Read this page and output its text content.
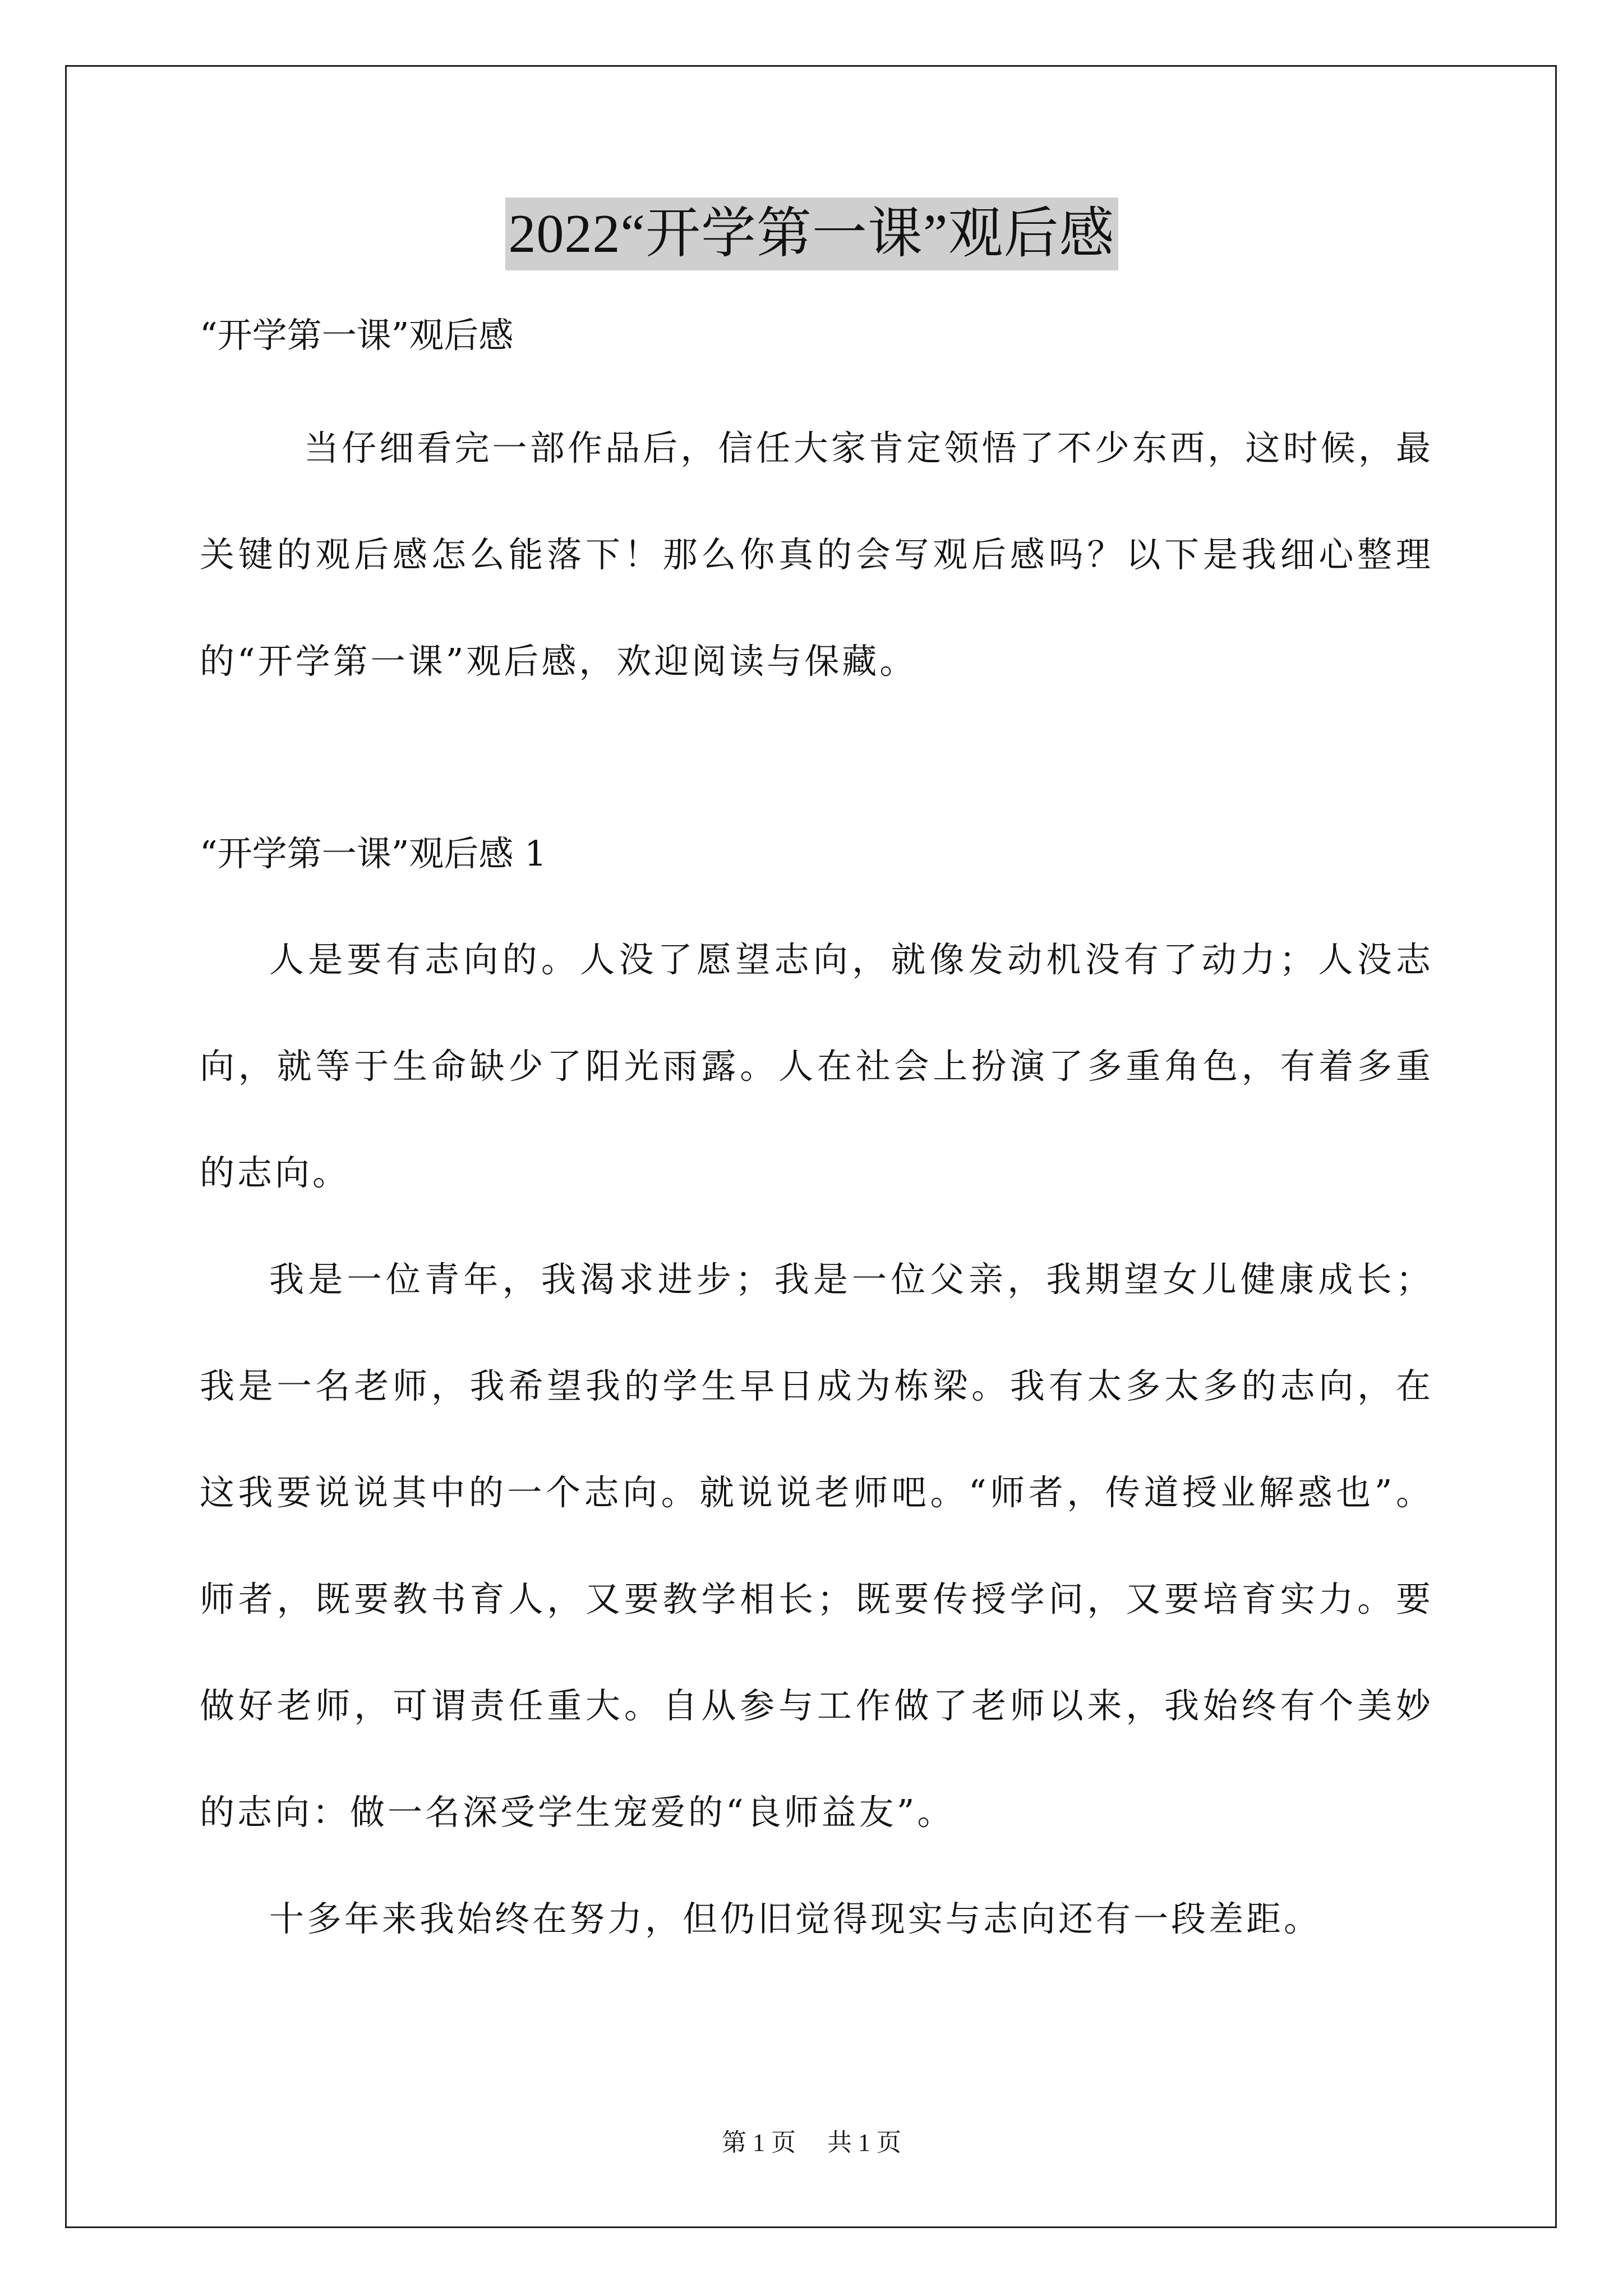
2022“开学第一课”观后感

“开学第一课”观后感

当仔细看完一部作品后，信任大家肯定领悟了不少东西，这时候，最关键的观后感怎么能落下！那么你真的会写观后感吗？以下是我细心整理的“开学第一课”观后感，欢迎阅读与保藏。

“开学第一课”观后感 1

人是要有志向的。人没了愿望志向，就像发动机没有了动力；人没志向，就等于生命缺少了阳光雨露。人在社会上扮演了多重角色，有着多重的志向。

我是一位青年，我渴求进步；我是一位父亲，我期望女儿健康成长；我是一名老师，我希望我的学生早日成为栋梁。我有太多太多的志向，在这我要说说其中的一个志向。就说说老师吧。“师者，传道授业解惑也”。师者，既要教书育人，又要教学相长；既要传授学问，又要培育实力。要做好老师，可谓责任重大。自从参与工作做了老师以来，我始终有个美妙的志向：做一名深受学生宠爱的“良师益友”。

十多年来我始终在努力，但仍旧觉得现实与志向还有一段差距。

第 1 页 共 1 页
